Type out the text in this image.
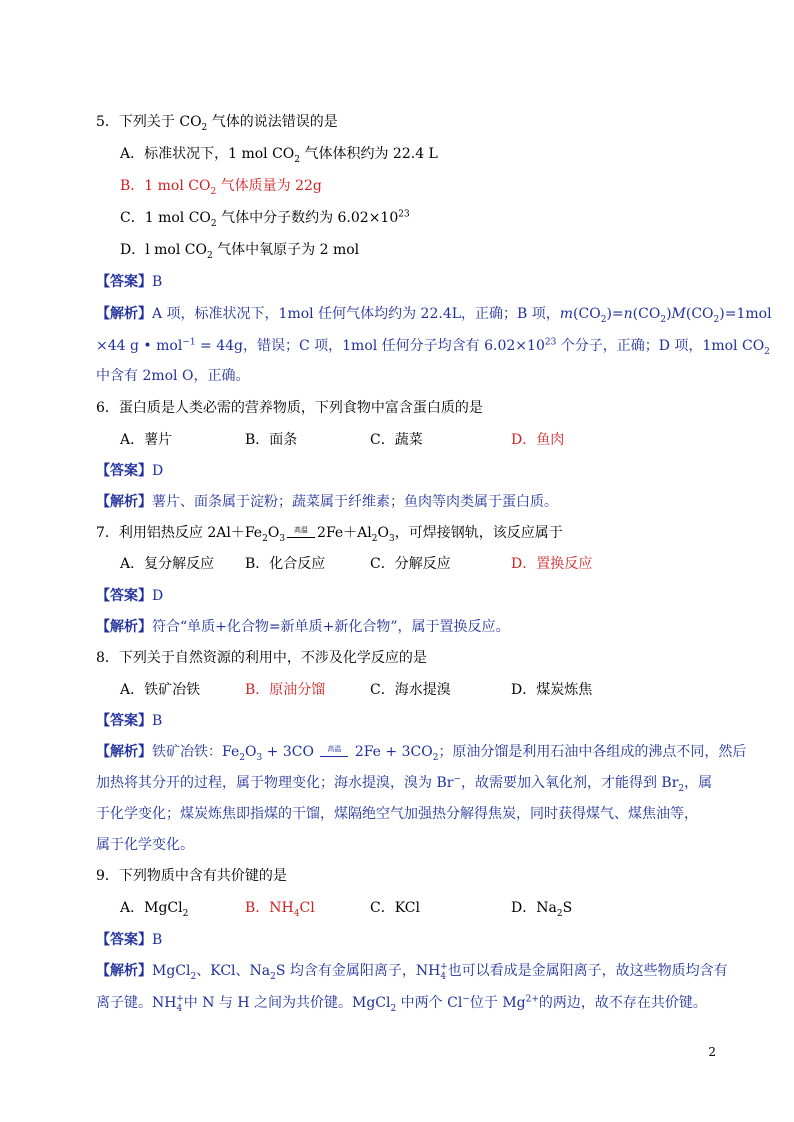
5．下列关于 $CO_2$ 气体的说法错误的是
A．标准状况下，1 mol $CO_2$ 气体体积约为 22.4 L
B．1 mol $CO_2$ 气体质量为 22g
C．1 mol $CO_2$ 气体中分子数约为 $6.02\times 10^{23}$
D．l mol $CO_2$ 气体中氧原子为 2 mol
【答案】B
【解析】A 项，标准状况下，1mol 任何气体均约为 22.4L，正确；B 项，$m(CO_2)=n(CO_2)M(CO_2)=1mol$
×44 g • mol$^{-1}$ = 44g，错误；C 项，1mol 任何分子均含有 $6.02\times 10^{23}$ 个分子，正确；D 项，1mol $CO_2$
中含有 2mol O，正确。
6．蛋白质是人类必需的营养物质，下列食物中富含蛋白质的是
A．薯片	B．面条	C．蔬菜	D．鱼肉
【答案】D
【解析】薯片、面条属于淀粉；蔬菜属于纤维素；鱼肉等肉类属于蛋白质。
7．利用铝热反应 $2Al+Fe_2O_3$
高温 $2Fe+Al_2O_3$，可焊接钢轨，该反应属于
A．复分解反应 B．化合反应	C．分解反应	D．置换反应
【答案】D
【解析】符合“单质+化合物=新单质+新化合物”，属于置换反应。
8．下列关于自然资源的利用中，不涉及化学反应的是
A．铁矿冶铁	B．原油分馏	C．海水提溴	D．煤炭炼焦
【答案】B
【解析】铁矿冶铁：$Fe_2O_3 + 3CO$	高温 $2Fe + 3CO_2$；原油分馏是利用石油中各组成的沸点不同，然后
加热将其分开的过程，属于物理变化；海水提溴，溴为 Br−，故需要加入氧化剂，才能得到 $Br_2$，属
于化学变化；煤炭炼焦即指煤的干馏，煤隔绝空气加强热分解得焦炭，同时获得煤气、煤焦油等，
属于化学变化。
9．下列物质中含有共价键的是
A．MgCl$_2$	B．$NH_4Cl$	C．KCl	D．$Na_2S$
【答案】B
【解析】MgCl$_2$、KCl、$Na_2S$ 均含有金属阳离子，$NH_4^+$也可以看成是金属阳离子，故这些物质均含有
离子键。$NH_4^+$中 N 与 H 之间为共价键。MgCl$_2$ 中两个 Cl−位于 $Mg^{2+}$的两边，故不存在共价键。
2
